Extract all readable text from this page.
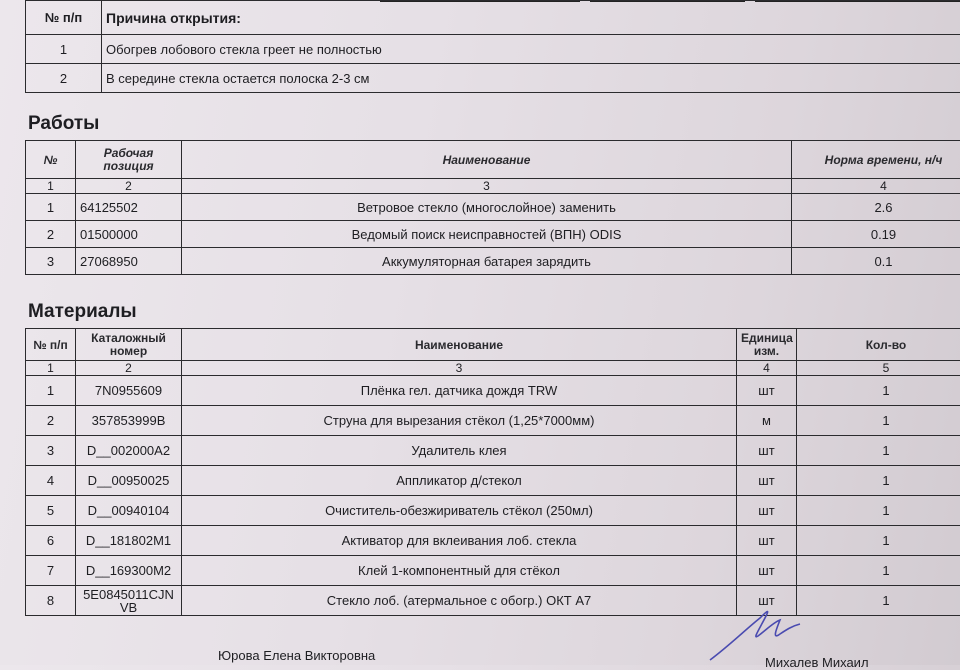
№ п/п	Причина открытия:
1	Обогрев лобового стекла греет не полностью
2	В середине стекла остается полоска 2-3 см
Работы
№	Рабочая позиция	Наименование	Норма времени, н/ч
1	2	3	4
1	64125502	Ветровое стекло (многослойное) заменить	2.6
2	01500000	Ведомый поиск неисправностей (ВПН) ODIS	0.19
3	27068950	Аккумуляторная батарея зарядить	0.1
Материалы
№ п/п	Каталожный номер	Наименование	Единица изм.	Кол-во
1	2	3	4	5
1	7N0955609	Плёнка гел. датчика дождя TRW	шт	1
2	357853999B	Струна для вырезания стёкол (1,25*7000мм)	м	1
3	D__002000A2	Удалитель клея	шт	1
4	D__00950025	Аппликатор д/стекол	шт	1
5	D__00940104	Очиститель-обезжириватель стёкол (250мл)	шт	1
6	D__181802M1	Активатор для вклеивания лоб. стекла	шт	1
7	D__169300M2	Клей 1-компонентный для стёкол	шт	1
8	5E0845011CJN VB	Стекло лоб. (атермальное с обогр.) ОКТ А7	шт	1
Юрова Елена Викторовна	Михалев Михаил
